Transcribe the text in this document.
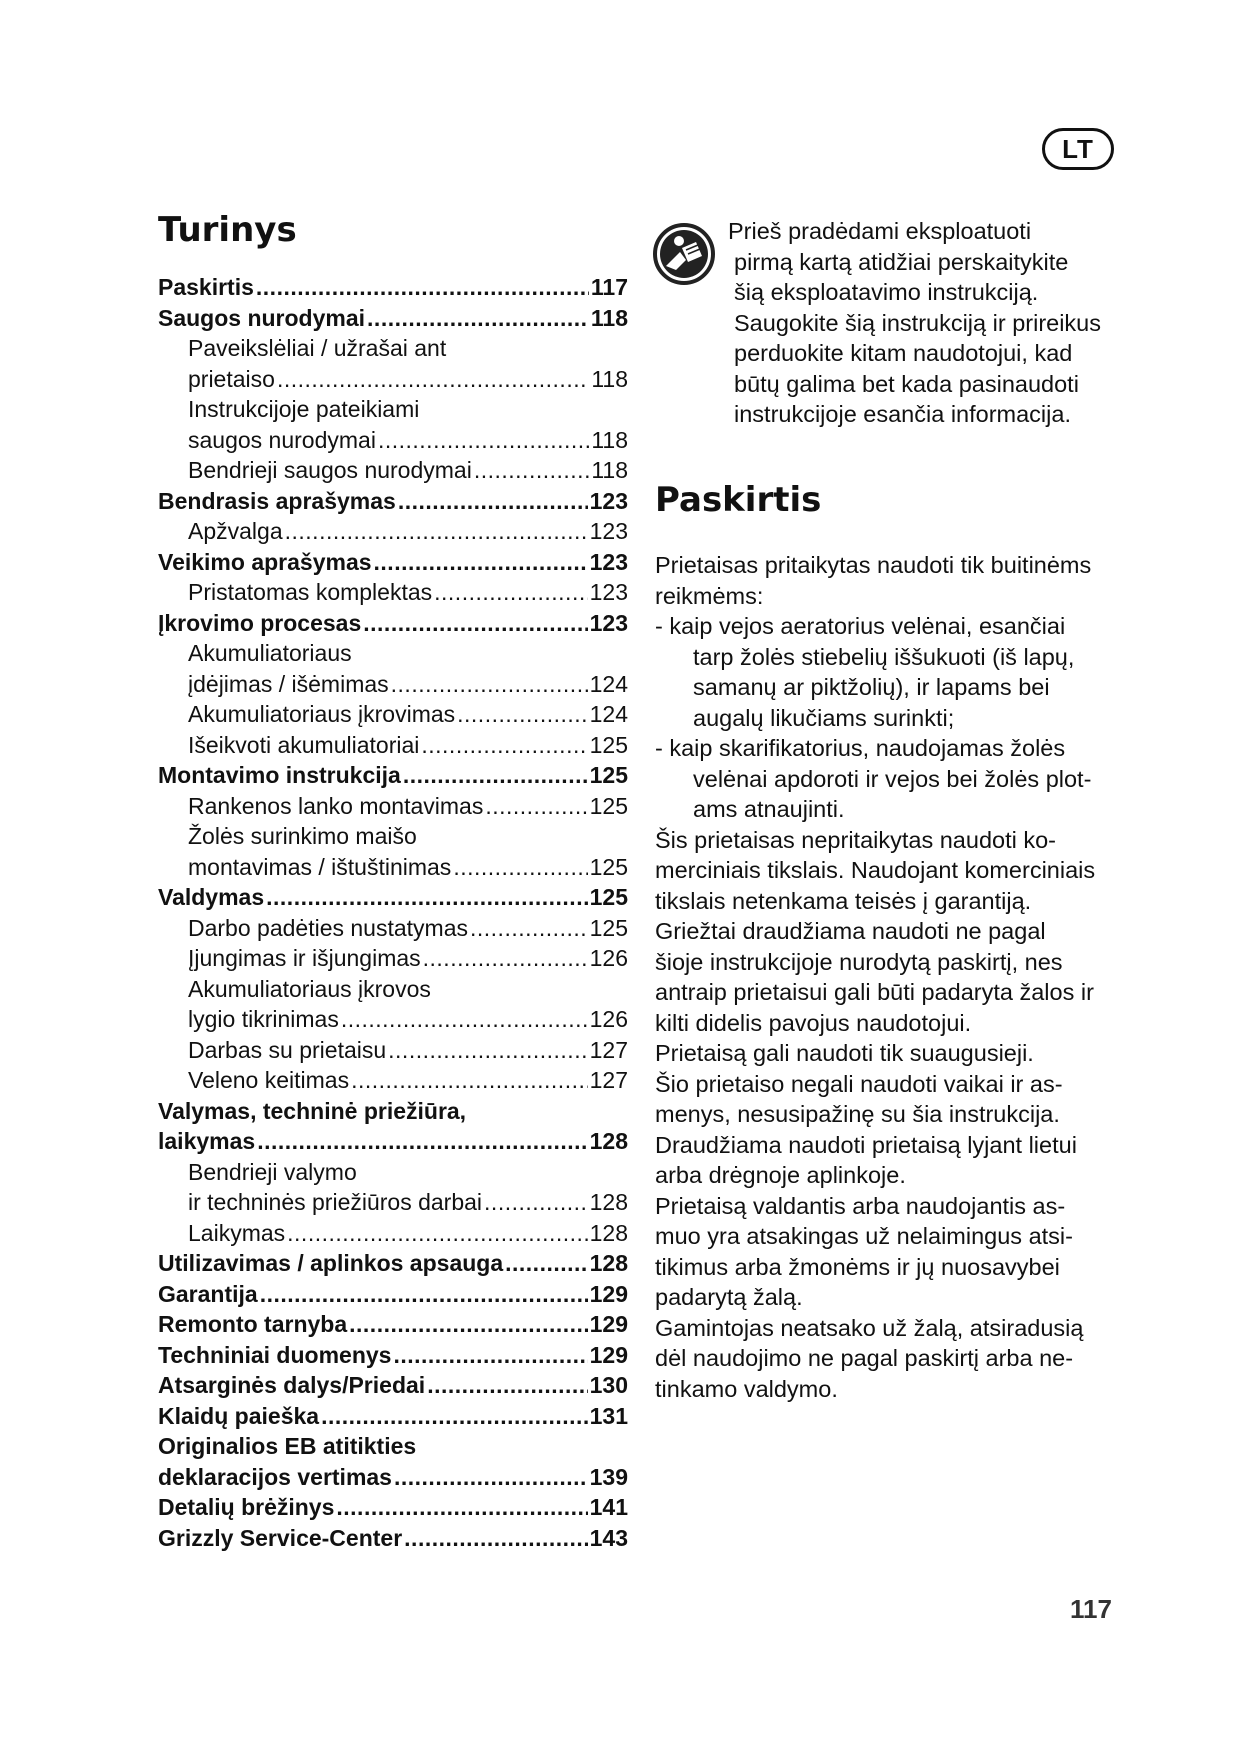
LT
Turinys
Paskirtis .....	117
Saugos nurodymai .....	118
Paveikslėliai / užrašai ant
prietaiso .....	118
Instrukcijoje pateikiami
saugos nurodymai .....	118
Bendrieji saugos nurodymai .....	118
Bendrasis aprašymas .....	123
Apžvalga .....	123
Veikimo aprašymas .....	123
Pristatomas komplektas .....	123
Įkrovimo procesas .....	123
Akumuliatoriaus
įdėjimas / išėmimas .....	124
Akumuliatoriaus įkrovimas .....	124
Išeikvoti akumuliatoriai .....	125
Montavimo instrukcija .....	125
Rankenos lanko montavimas .....	125
Žolės surinkimo maišo
montavimas / ištuštinimas .....	125
Valdymas .....	125
Darbo padėties nustatymas .....	125
Įjungimas ir išjungimas .....	126
Akumuliatoriaus įkrovos
lygio tikrinimas .....	126
Darbas su prietaisu .....	127
Veleno keitimas .....	127
Valymas, techninė priežiūra,
laikymas .....	128
Bendrieji valymo
ir techninės priežiūros darbai .....	128
Laikymas .....	128
Utilizavimas / aplinkos apsauga .....	128
Garantija .....	129
Remonto tarnyba .....	129
Techniniai duomenys .....	129
Atsarginės dalys/Priedai .....	130
Klaidų paieška .....	131
Originalios EB atitikties
deklaracijos vertimas .....	139
Detalių brėžinys .....	141
Grizzly Service-Center .....	143
Prieš pradėdami eksploatuoti
pirmą kartą atidžiai perskaitykite
šią eksploatavimo instrukciją.
Saugokite šią instrukciją ir prireikus
perduokite kitam naudotojui, kad
būtų galima bet kada pasinaudoti
instrukcijoje esančia informacija.
Paskirtis
Prietaisas pritaikytas naudoti tik buitinėms
reikmėms:
- kaip vejos aeratorius velėnai, esančiai
tarp žolės stiebelių iššukuoti (iš lapų,
samanų ar piktžolių), ir lapams bei
augalų likučiams surinkti;
- kaip skarifikatorius, naudojamas žolės
velėnai apdoroti ir vejos bei žolės plot-
ams atnaujinti.
Šis prietaisas nepritaikytas naudoti ko-
merciniais tikslais. Naudojant komerciniais
tikslais netenkama teisės į garantiją.
Griežtai draudžiama naudoti ne pagal
šioje instrukcijoje nurodytą paskirtį, nes
antraip prietaisui gali būti padaryta žalos ir
kilti didelis pavojus naudotojui.
Prietaisą gali naudoti tik suaugusieji.
Šio prietaiso negali naudoti vaikai ir as-
menys, nesusipažinę su šia instrukcija.
Draudžiama naudoti prietaisą lyjant lietui
arba drėgnoje aplinkoje.
Prietaisą valdantis arba naudojantis as-
muo yra atsakingas už nelaimingus atsi-
tikimus arba žmonėms ir jų nuosavybei
padarytą žalą.
Gamintojas neatsako už žalą, atsiradusią
dėl naudojimo ne pagal paskirtį arba ne-
tinkamo valdymo.
117
